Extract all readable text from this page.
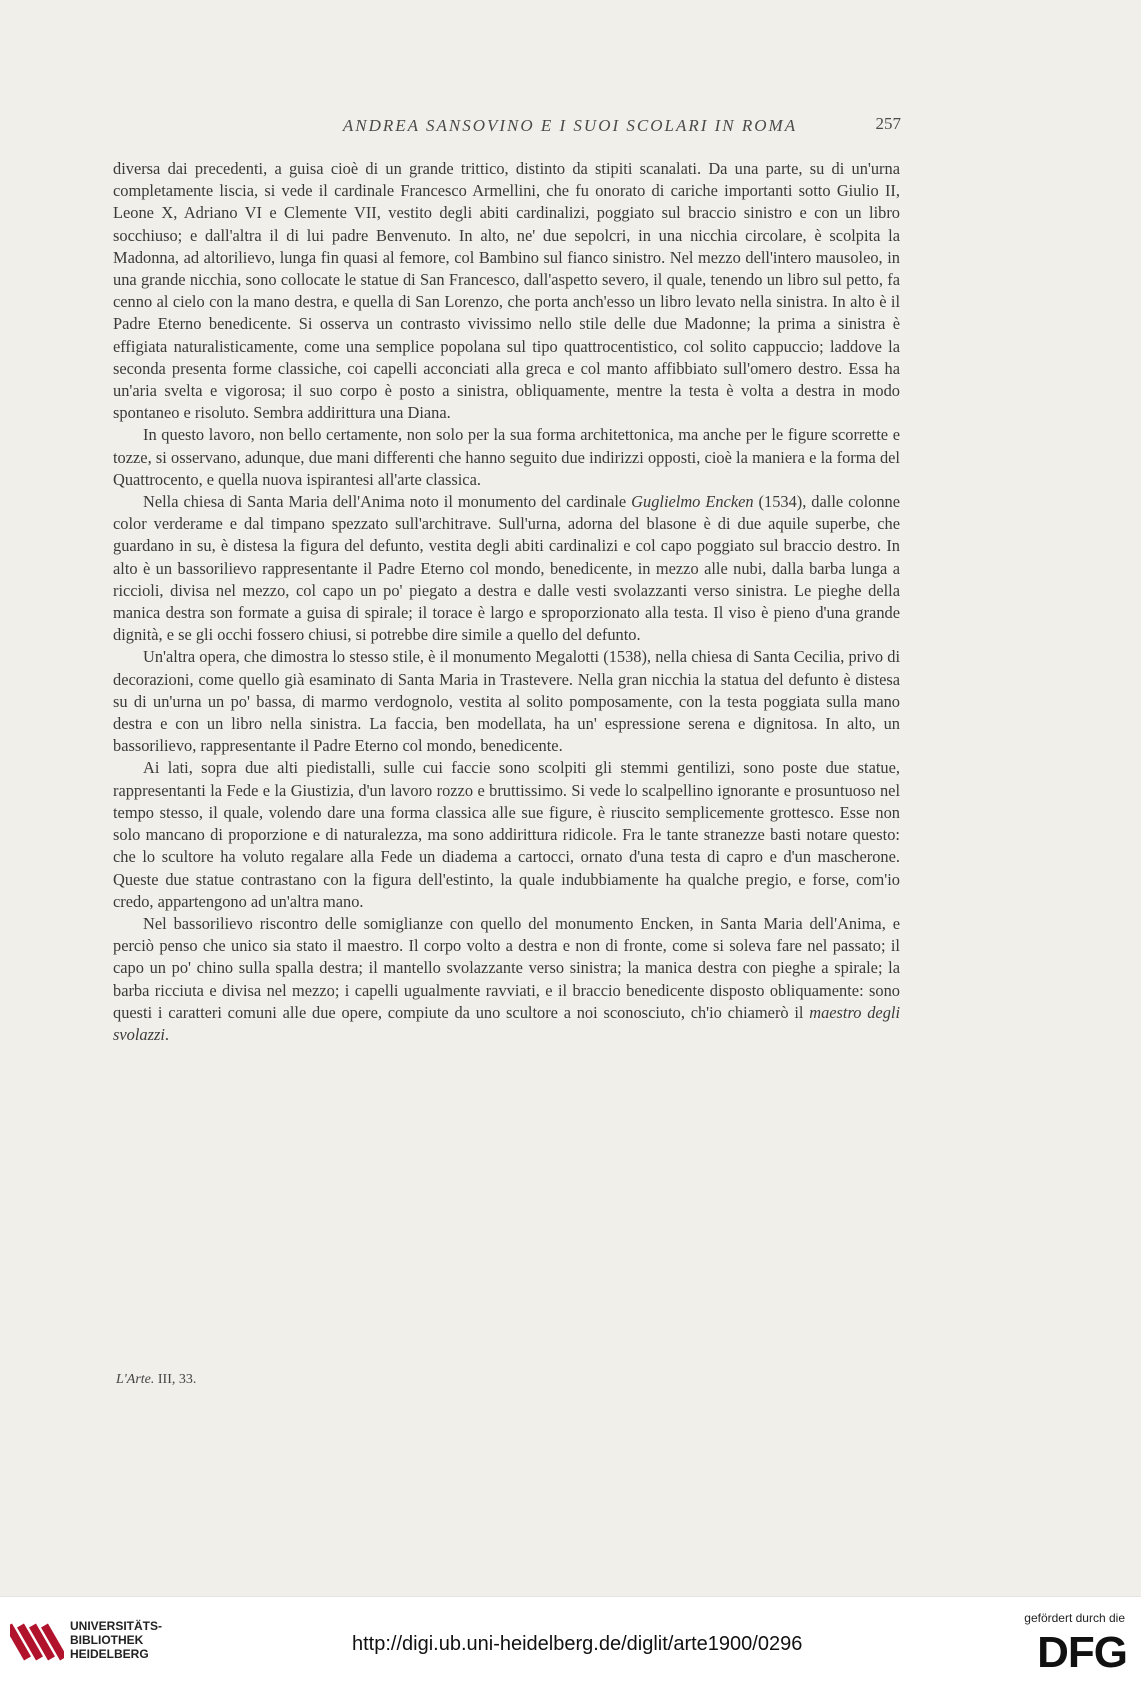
ANDREA SANSOVINO E I SUOI SCOLARI IN ROMA	257

diversa dai precedenti, a guisa cioè di un grande trittico, distinto da stipiti scanalati. Da una parte, su di un'urna completamente liscia, si vede il cardinale Francesco Armellini, che fu onorato di cariche importanti sotto Giulio II, Leone X, Adriano VI e Clemente VII, vestito degli abiti cardinalizi, poggiato sul braccio sinistro e con un libro socchiuso; e dall'altra il di lui padre Benvenuto. In alto, ne' due sepolcri, in una nicchia circolare, è scolpita la Madonna, ad altorilievo, lunga fin quasi al femore, col Bambino sul fianco sinistro. Nel mezzo dell'intero mausoleo, in una grande nicchia, sono collocate le statue di San Francesco, dall'aspetto severo, il quale, tenendo un libro sul petto, fa cenno al cielo con la mano destra, e quella di San Lorenzo, che porta anch'esso un libro levato nella sinistra. In alto è il Padre Eterno benedicente. Si osserva un contrasto vivissimo nello stile delle due Madonne; la prima a sinistra è effigiata naturalisticamente, come una semplice popolana sul tipo quattrocentistico, col solito cappuccio; laddove la seconda presenta forme classiche, coi capelli acconciati alla greca e col manto affibbiato sull'omero destro. Essa ha un'aria svelta e vigorosa; il suo corpo è posto a sinistra, obliquamente, mentre la testa è volta a destra in modo spontaneo e risoluto. Sembra addirittura una Diana.

In questo lavoro, non bello certamente, non solo per la sua forma architettonica, ma anche per le figure scorrette e tozze, si osservano, adunque, due mani differenti che hanno seguito due indirizzi opposti, cioè la maniera e la forma del Quattrocento, e quella nuova ispirantesi all'arte classica.

Nella chiesa di Santa Maria dell'Anima noto il monumento del cardinale Guglielmo Encken (1534), dalle colonne color verderame e dal timpano spezzato sull'architrave. Sull'urna, adorna del blasone è di due aquile superbe, che guardano in su, è distesa la figura del defunto, vestita degli abiti cardinalizi e col capo poggiato sul braccio destro. In alto è un bassorilievo rappresentante il Padre Eterno col mondo, benedicente, in mezzo alle nubi, dalla barba lunga a riccioli, divisa nel mezzo, col capo un po' piegato a destra e dalle vesti svolazzanti verso sinistra. Le pieghe della manica destra son formate a guisa di spirale; il torace è largo e sproporzionato alla testa. Il viso è pieno d'una grande dignità, e se gli occhi fossero chiusi, si potrebbe dire simile a quello del defunto.

Un'altra opera, che dimostra lo stesso stile, è il monumento Megalotti (1538), nella chiesa di Santa Cecilia, privo di decorazioni, come quello già esaminato di Santa Maria in Trastevere. Nella gran nicchia la statua del defunto è distesa su di un'urna un po' bassa, di marmo verdognolo, vestita al solito pomposamente, con la testa poggiata sulla mano destra e con un libro nella sinistra. La faccia, ben modellata, ha un' espressione serena e dignitosa. In alto, un bassorilievo, rappresentante il Padre Eterno col mondo, benedicente.

Ai lati, sopra due alti piedistalli, sulle cui faccie sono scolpiti gli stemmi gentilizi, sono poste due statue, rappresentanti la Fede e la Giustizia, d'un lavoro rozzo e bruttissimo. Si vede lo scalpellino ignorante e prosuntuoso nel tempo stesso, il quale, volendo dare una forma classica alle sue figure, è riuscito semplicemente grottesco. Esse non solo mancano di proporzione e di naturalezza, ma sono addirittura ridicole. Fra le tante stranezze basti notare questo: che lo scultore ha voluto regalare alla Fede un diadema a cartocci, ornato d'una testa di capro e d'un mascherone. Queste due statue contrastano con la figura dell'estinto, la quale indubbiamente ha qualche pregio, e forse, com'io credo, appartengono ad un'altra mano.

Nel bassorilievo riscontro delle somiglianze con quello del monumento Encken, in Santa Maria dell'Anima, e perciò penso che unico sia stato il maestro. Il corpo volto a destra e non di fronte, come si soleva fare nel passato; il capo un po' chino sulla spalla destra; il mantello svolazzante verso sinistra; la manica destra con pieghe a spirale; la barba ricciuta e divisa nel mezzo; i capelli ugualmente ravviati, e il braccio benedicente disposto obliquamente: sono questi i caratteri comuni alle due opere, compiute da uno scultore a noi sconosciuto, ch'io chiamerò il maestro degli svolazzi.

L'Arte. III, 33.
UNIVERSITÄTS-
BIBLIOTHEK
HEIDELBERG	http://digi.ub.uni-heidelberg.de/diglit/arte1900/0296
gefördert durch die
DFG
